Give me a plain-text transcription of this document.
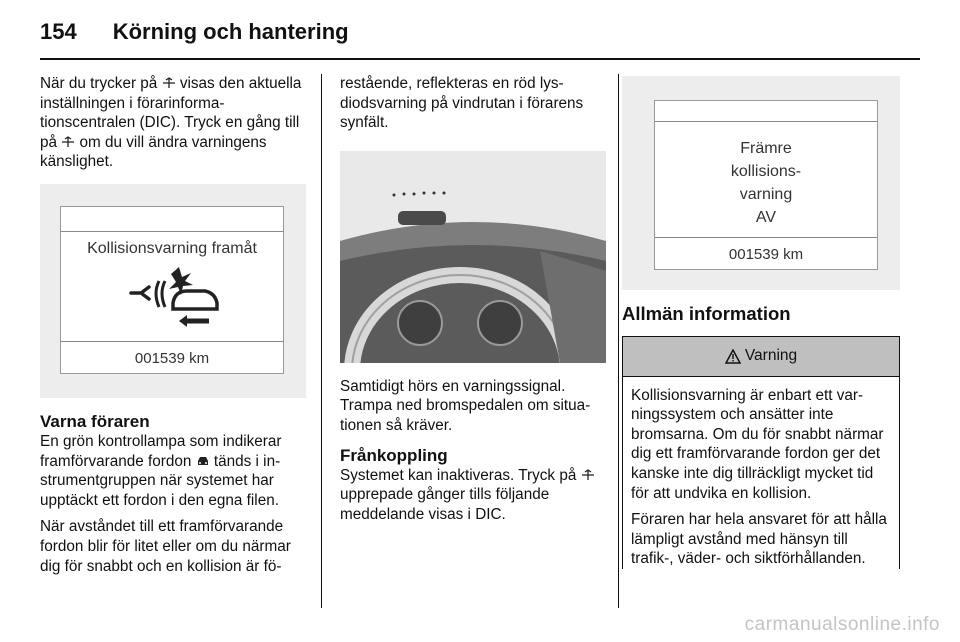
154 Körning och hantering

När du trycker på visas den aktuella inställningen i förarinformationscentralen (DIC). Tryck en gång till på om du vill ändra varningens känslighet.

Kollisionsvarning framåt
001539 km
Varna föraren

En grön kontrollampa som indikerar framförvarande fordon tänds i instrumentgruppen när systemet har upptäckt ett fordon i den egna filen.

När avståndet till ett framförvarande fordon blir för litet eller om du närmar dig för snabbt och en kollision är fö-

restående, reflekteras en röd lysdiodsvarning på vindrutan i förarens synfält.

Samtidigt hörs en varningssignal. Trampa ned bromspedalen om situationen så kräver.

Frånkoppling

Systemet kan inaktiveras. Tryck på  upprepade gånger tills följande meddelande visas i DIC.

Främre
kollisions-
varning
AV
001539 km
Allmän information
Varning

Kollisionsvarning är enbart ett varningssystem och ansätter inte bromsarna. Om du för snabbt närmar dig ett framförvarande fordon ger det kanske inte dig tillräckligt mycket tid för att undvika en kollision.

Föraren har hela ansvaret för att hålla lämpligt avstånd med hänsyn till trafik-, väder- och siktförhållanden.

carmanualsonline.info
